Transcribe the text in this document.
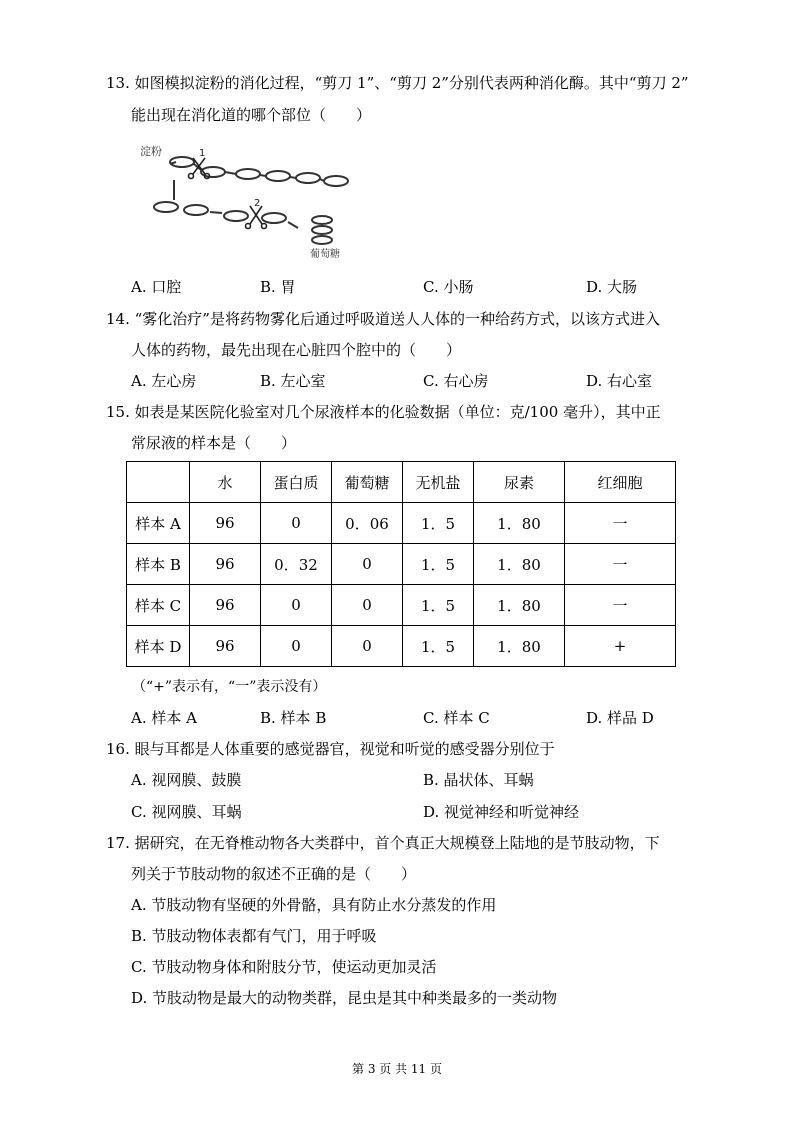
13. 如图模拟淀粉的消化过程，“剪刀 1”、“剪刀 2”分别代表两种消化酶。其中“剪刀 2”
能出现在消化道的哪个部位（　　）
淀粉	1
2
葡萄糖
A. 口腔	B. 胃	C. 小肠	D. 大肠
14. “雾化治疗”是将药物雾化后通过呼吸道送人人体的一种给药方式，以该方式进入
人体的药物，最先出现在心脏四个腔中的（　　）
A. 左心房	B. 左心室	C. 右心房	D. 右心室
15. 如表是某医院化验室对几个尿液样本的化验数据（单位：克/100 毫升），其中正
常尿液的样本是（　　）
	水	蛋白质	葡萄糖	无机盐	尿素	红细胞
样本 A	96	0	0．06	1．5	1．80	一
样本 B	96	0．32	0	1．5	1．80	一
样本 C	96	0	0	1．5	1．80	一
样本 D	96	0	0	1．5	1．80	+
（“+”表示有，“一”表示没有）
A. 样本 A	B. 样本 B	C. 样本 C	D. 样品 D
16. 眼与耳都是人体重要的感觉器官，视觉和听觉的感受器分别位于
A. 视网膜、鼓膜	B. 晶状体、耳蜗
C. 视网膜、耳蜗	D. 视觉神经和听觉神经
17. 据研究，在无脊椎动物各大类群中，首个真正大规模登上陆地的是节肢动物，下
列关于节肢动物的叙述不正确的是（　　）
A. 节肢动物有坚硬的外骨骼，具有防止水分蒸发的作用
B. 节肢动物体表都有气门，用于呼吸
C. 节肢动物身体和附肢分节，使运动更加灵活
D. 节肢动物是最大的动物类群，昆虫是其中种类最多的一类动物
第 3 页 共 11 页
